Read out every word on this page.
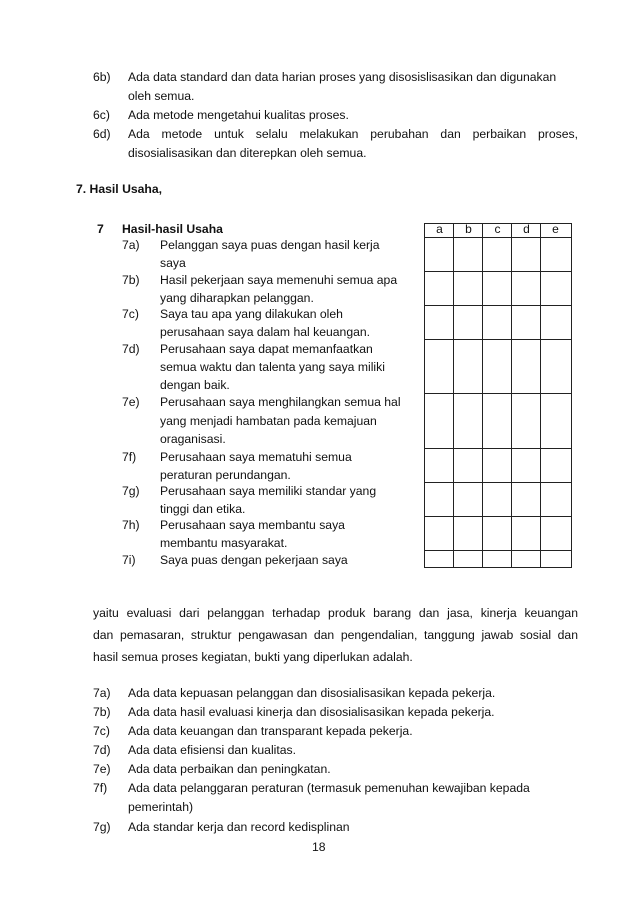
6b) Ada data standard dan data harian proses yang disosislisasikan dan digunakan
oleh semua.
6c) Ada metode mengetahui kualitas proses.
6d) Ada metode untuk selalu melakukan perubahan dan perbaikan proses,
disosialisasikan dan diterepkan oleh semua.
7. Hasil Usaha,
7 Hasil-hasil Usaha	a	b	c	d	e
7a) Pelanggan saya puas dengan hasil kerja
saya
7b) Hasil pekerjaan saya memenuhi semua apa
yang diharapkan pelanggan.
7c) Saya tau apa yang dilakukan oleh
perusahaan saya dalam hal keuangan.
7d) Perusahaan saya dapat memanfaatkan
semua waktu dan talenta yang saya miliki
dengan baik.
7e) Perusahaan saya menghilangkan semua hal
yang menjadi hambatan pada kemajuan
oraganisasi.
7f) Perusahaan saya mematuhi semua
peraturan perundangan.
7g) Perusahaan saya memiliki standar yang
tinggi dan etika.
7h) Perusahaan saya membantu saya
membantu masyarakat.
7i) Saya puas dengan pekerjaan saya
yaitu evaluasi dari pelanggan terhadap produk barang dan jasa, kinerja keuangan
dan pemasaran, struktur pengawasan dan pengendalian, tanggung jawab sosial dan
hasil semua proses kegiatan, bukti yang diperlukan adalah.
7a) Ada data kepuasan pelanggan dan disosialisasikan kepada pekerja.
7b) Ada data hasil evaluasi kinerja dan disosialisasikan kepada pekerja.
7c) Ada data keuangan dan transparant kepada pekerja.
7d) Ada data efisiensi dan kualitas.
7e) Ada data perbaikan dan peningkatan.
7f) Ada data pelanggaran peraturan (termasuk pemenuhan kewajiban kepada
pemerintah)
7g) Ada standar kerja dan record kedisplinan
18
